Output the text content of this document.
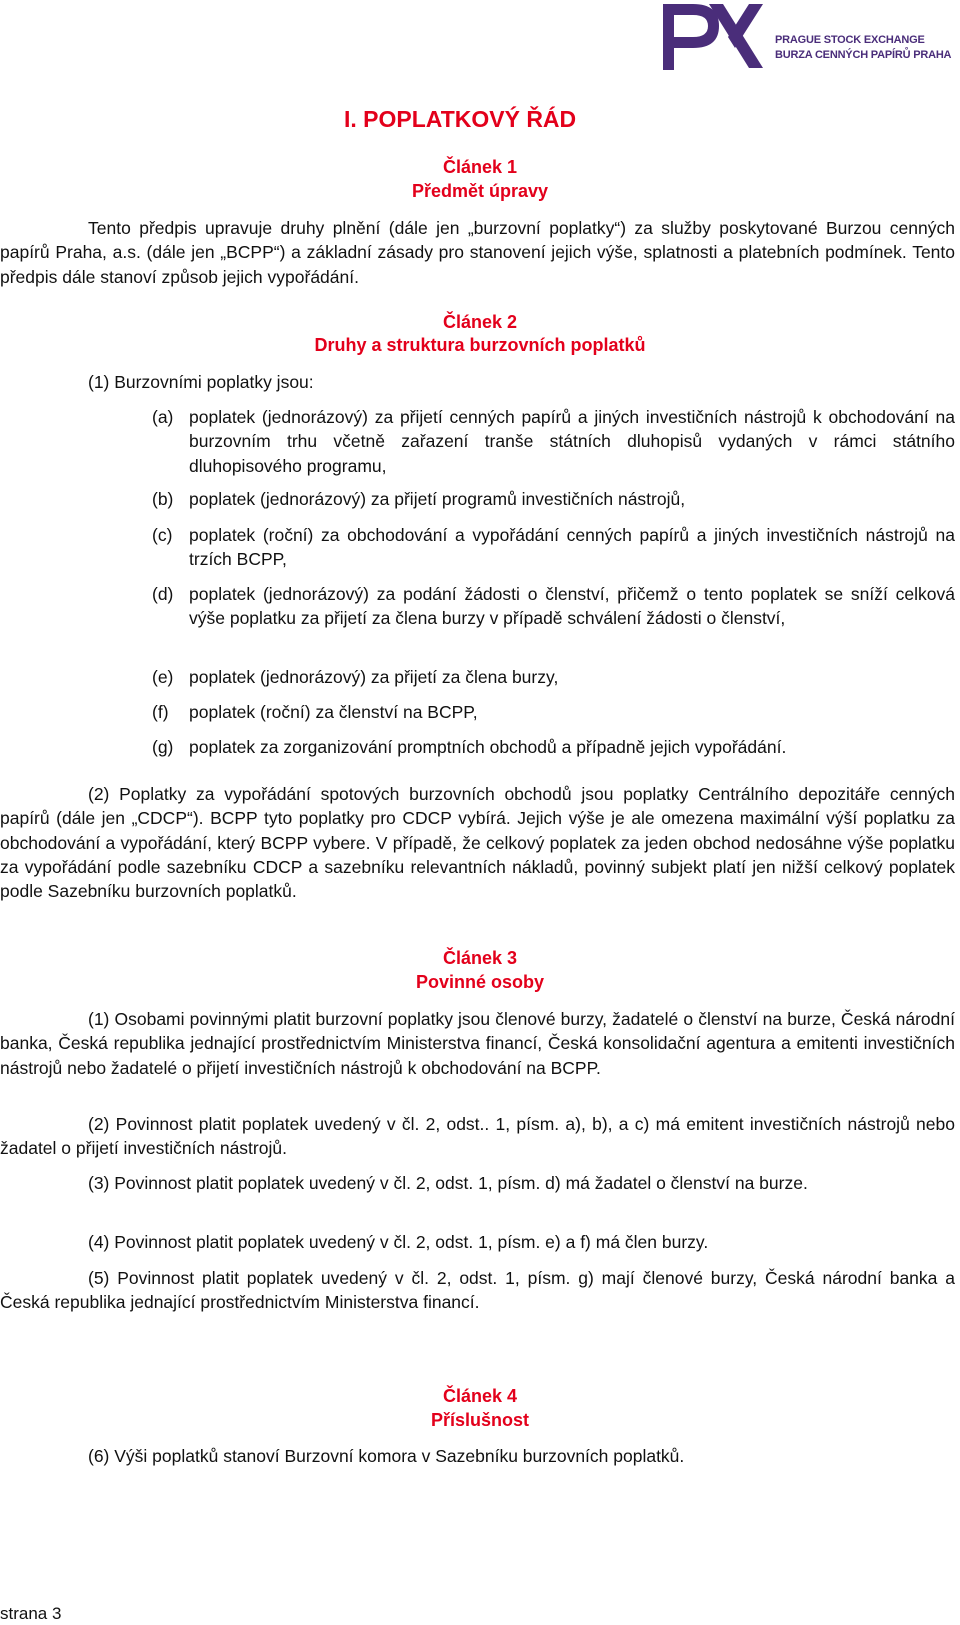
PRAGUE STOCK EXCHANGE
BURZA CENNÝCH PAPÍRŮ PRAHA
I. POPLATKOVÝ ŘÁD
Článek 1
Předmět úpravy

Tento předpis upravuje druhy plnění (dále jen „burzovní poplatky“) za služby poskytované Burzou cenných papírů Praha, a.s. (dále jen „BCPP“) a základní zásady pro stanovení jejich výše, splatnosti a platebních podmínek. Tento předpis dále stanoví způsob jejich vypořádání.

Článek 2
Druhy a struktura burzovních poplatků
(1) Burzovními poplatky jsou:
(a) poplatek (jednorázový) za přijetí cenných papírů a jiných investičních nástrojů k obchodování na burzovním trhu včetně zařazení tranše státních dluhopisů vydaných v rámci státního dluhopisového programu,
(b) poplatek (jednorázový) za přijetí programů investičních nástrojů,
(c) poplatek (roční) za obchodování a vypořádání cenných papírů a jiných investičních nástrojů na trzích BCPP,
(d) poplatek (jednorázový) za podání žádosti o členství, přičemž o tento poplatek se sníží celková výše poplatku za přijetí za člena burzy v případě schválení žádosti o členství,
(e) poplatek (jednorázový) za přijetí za člena burzy,
(f) poplatek (roční) za členství na BCPP,
(g) poplatek za zorganizování promptních obchodů a případně jejich vypořádání.

(2) Poplatky za vypořádání spotových burzovních obchodů jsou poplatky Centrálního depozitáře cenných papírů (dále jen „CDCP“). BCPP tyto poplatky pro CDCP vybírá. Jejich výše je ale omezena maximální výší poplatku za obchodování a vypořádání, který BCPP vybere. V případě, že celkový poplatek za jeden obchod nedosáhne výše poplatku za vypořádání podle sazebníku CDCP a sazebníku relevantních nákladů, povinný subjekt platí jen nižší celkový poplatek podle Sazebníku burzovních poplatků.

Článek 3
Povinné osoby

(1) Osobami povinnými platit burzovní poplatky jsou členové burzy, žadatelé o členství na burze, Česká národní banka, Česká republika jednající prostřednictvím Ministerstva financí, Česká konsolidační agentura a emitenti investičních nástrojů nebo žadatelé o přijetí investičních nástrojů k obchodování na BCPP.

(2) Povinnost platit poplatek uvedený v čl. 2, odst.. 1, písm. a), b), a c) má emitent investičních nástrojů nebo žadatel o přijetí investičních nástrojů.

(3) Povinnost platit poplatek uvedený v čl. 2, odst. 1, písm. d) má žadatel o členství na burze.

(4) Povinnost platit poplatek uvedený v čl. 2, odst. 1, písm. e) a f) má člen burzy.

(5) Povinnost platit poplatek uvedený v čl. 2, odst. 1, písm. g) mají členové burzy, Česká národní banka a Česká republika jednající prostřednictvím Ministerstva financí.

Článek 4
Příslušnost

(6) Výši poplatků stanoví Burzovní komora v Sazebníku burzovních poplatků.

strana 3
